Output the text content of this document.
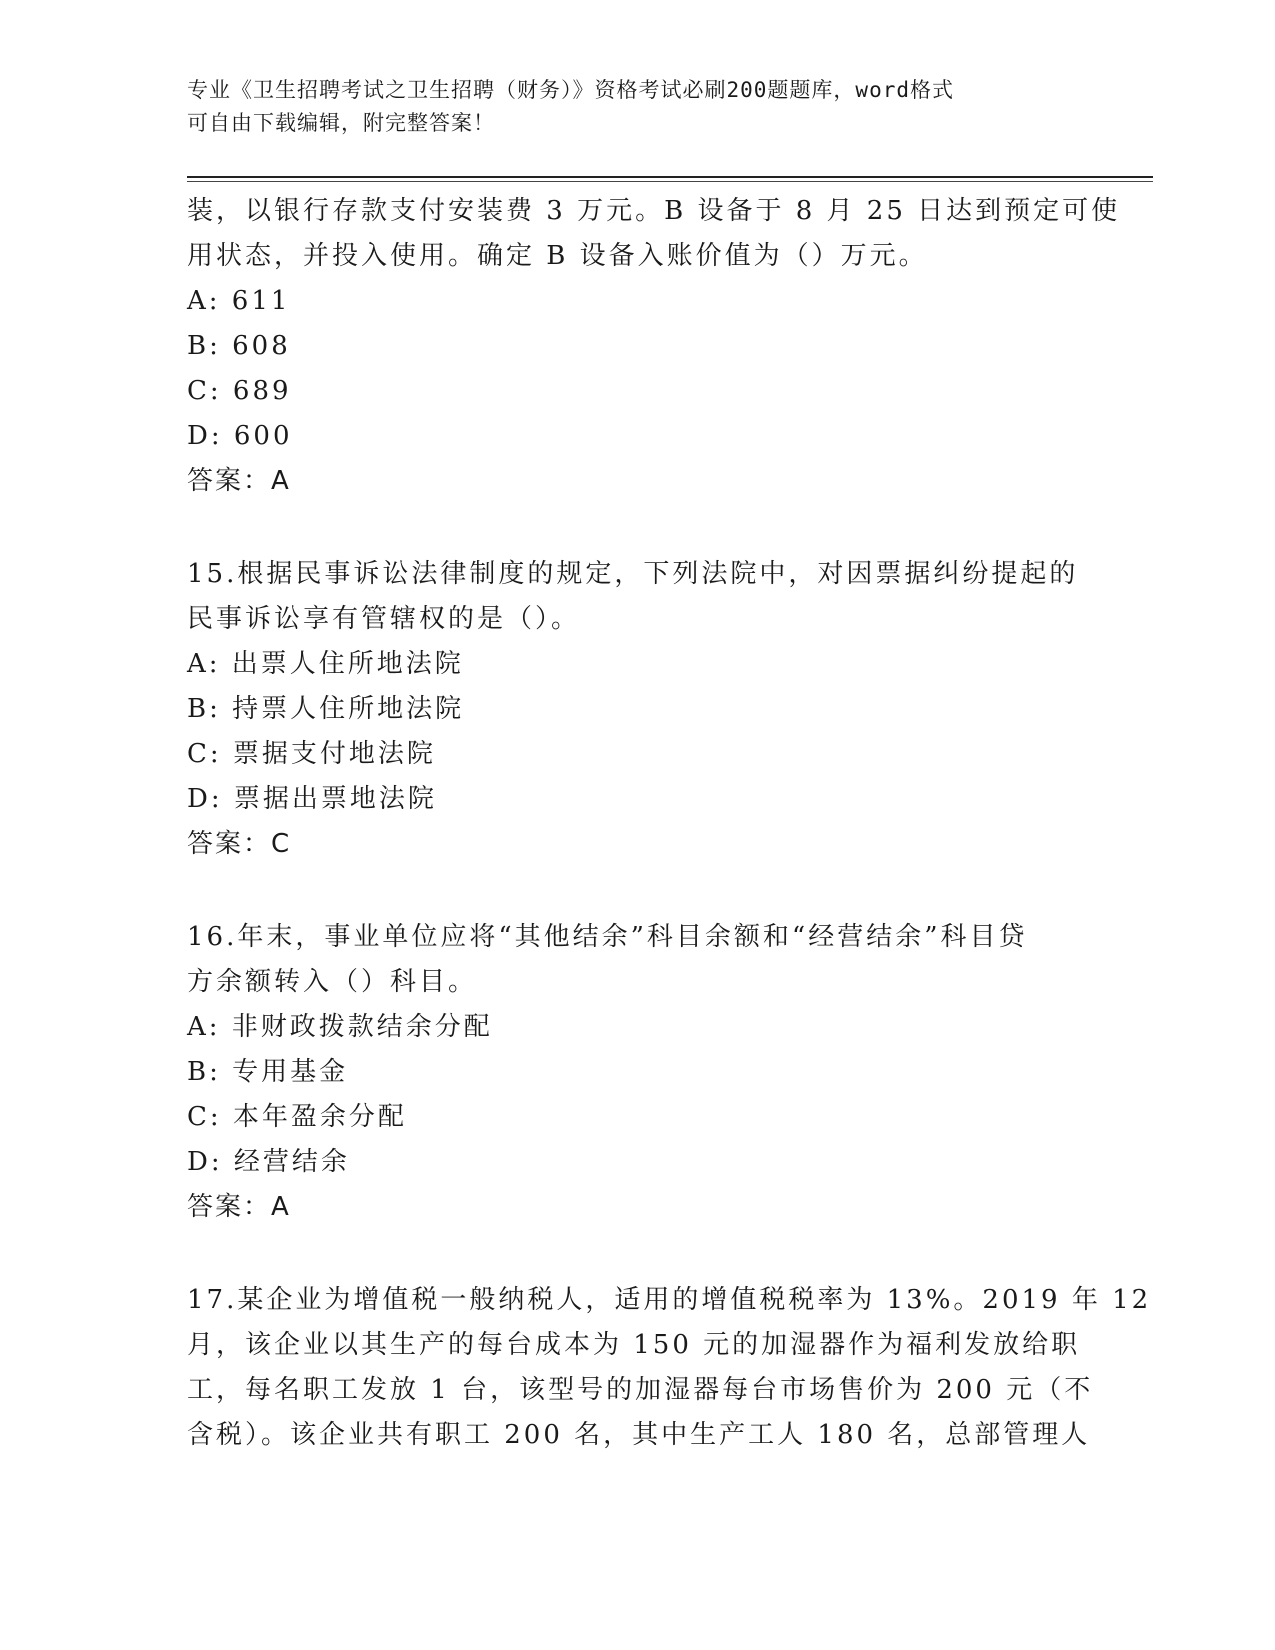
专业《卫生招聘考试之卫生招聘（财务）》资格考试必刷200题题库，word格式
可自由下载编辑，附完整答案！
装，以银行存款支付安装费 3 万元。B 设备于 8 月 25 日达到预定可使
用状态，并投入使用。确定 B 设备入账价值为（）万元。
A: 611
B: 608
C: 689
D: 600
答案：A
15.根据民事诉讼法律制度的规定，下列法院中，对因票据纠纷提起的
民事诉讼享有管辖权的是（）。
A: 出票人住所地法院
B: 持票人住所地法院
C: 票据支付地法院
D: 票据出票地法院
答案：C
16.年末，事业单位应将“其他结余”科目余额和“经营结余”科目贷
方余额转入（）科目。
A: 非财政拨款结余分配
B: 专用基金
C: 本年盈余分配
D: 经营结余
答案：A
17.某企业为增值税一般纳税人，适用的增值税税率为 13%。2019 年 12
月，该企业以其生产的每台成本为 150 元的加湿器作为福利发放给职
工，每名职工发放 1 台，该型号的加湿器每台市场售价为 200 元（不
含税）。该企业共有职工 200 名，其中生产工人 180 名，总部管理人
